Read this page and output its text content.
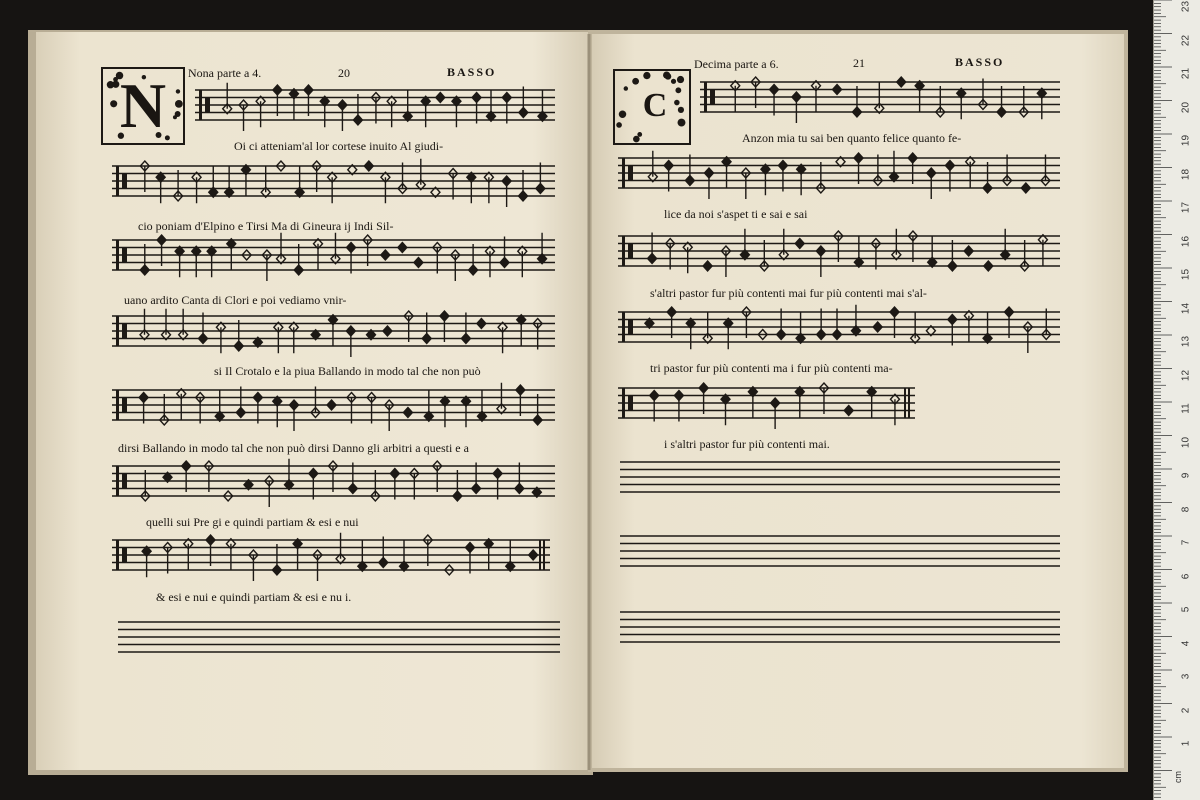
N	Nona parte a 4.	20	BASSO
Oi ci atteniam'al lor cortese inuito Al giudi-
cio poniam d'Elpino e Tirsi Ma di Gineura ij Indi Sil-
uano ardito Canta di Clori e poi vediamo vnir-
si Il Crotalo e la piua Ballando in modo tal che non può
dirsi Ballando in modo tal che non può dirsi Danno gli arbitri a questi e a
quelli sui Pre gi e quindi partiam & esi e nui
& esi e nui e quindi partiam & esi e nu i.
C
Decima parte a 6.	21	BASSO
Anzon mia tu sai ben quanto felice quanto fe-
lice da noi s'aspet ti e sai e sai
s'altri pastor fur più contenti mai fur più contenti mai s'al-
tri pastor fur più contenti ma i fur più contenti ma-
i s'altri pastor fur più contenti mai.
1
2
3
4
5
6
7
8
9
10
11
12
13
14
15
16
17
18
19
20
21
22
23
cm
